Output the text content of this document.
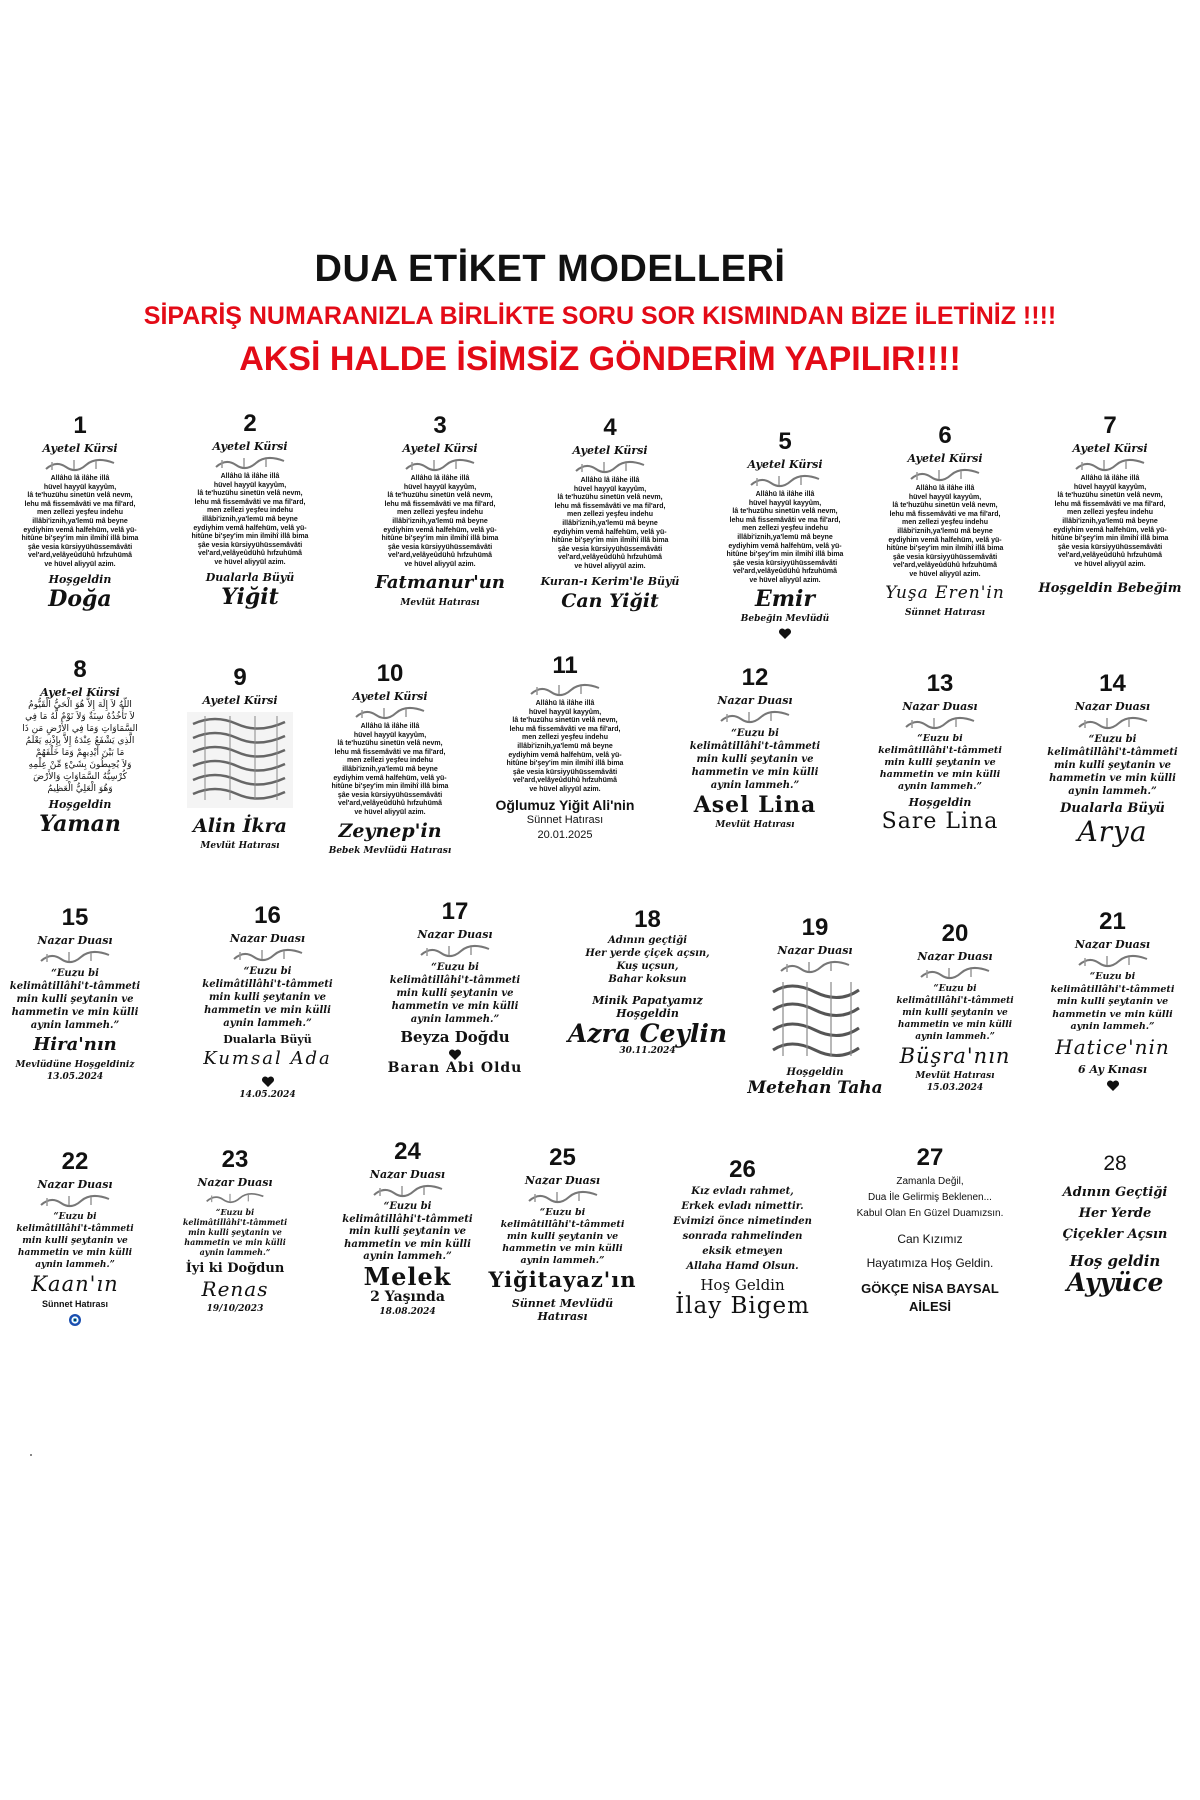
DUA ETİKET MODELLERİ
SİPARİŞ NUMARANIZLA BİRLİKTE SORU SOR KISMINDAN BİZE İLETİNİZ !!!!
AKSİ HALDE İSİMSİZ GÖNDERİM YAPILIR!!!!
1
Ayetel Kürsi
Allâhü lâ ilâhe illâ
hüvel hayyül kayyûm,
lâ te'huzühu sinetün velâ nevm,
lehu mâ fissemâvâti ve ma fil'ard,
men zellezi yeşfeu indehu
illâbi'iznih,ya'lemü mâ beyne
eydiyhim vemâ halfehüm, velâ yü-
hitûne bi'şey'im min ilmihî illâ bima
şâe vesia kürsiyyühüssemâvâti
vel'ard,velâyeûdühû hıfzuhümâ
ve hüvel aliyyül azim.
Hoşgeldin
Doğa
2
Ayetel Kürsi
Allâhü lâ ilâhe illâ
hüvel hayyül kayyûm,
lâ te'huzühu sinetün velâ nevm,
lehu mâ fissemâvâti ve ma fil'ard,
men zellezi yeşfeu indehu
illâbi'iznih,ya'lemü mâ beyne
eydiyhim vemâ halfehüm, velâ yü-
hitûne bi'şey'im min ilmihî illâ bima
şâe vesia kürsiyyühüssemâvâti
vel'ard,velâyeûdühû hıfzuhümâ
ve hüvel aliyyül azim.
Dualarla Büyü
Yiğit
3
Ayetel Kürsi
Allâhü lâ ilâhe illâ
hüvel hayyül kayyûm,
lâ te'huzühu sinetün velâ nevm,
lehu mâ fissemâvâti ve ma fil'ard,
men zellezi yeşfeu indehu
illâbi'iznih,ya'lemü mâ beyne
eydiyhim vemâ halfehüm, velâ yü-
hitûne bi'şey'im min ilmihî illâ bima
şâe vesia kürsiyyühüssemâvâti
vel'ard,velâyeûdühû hıfzuhümâ
ve hüvel aliyyül azim.
Fatmanur'un
Mevlüt Hatırası
4
Ayetel Kürsi
Allâhü lâ ilâhe illâ
hüvel hayyül kayyûm,
lâ te'huzühu sinetün velâ nevm,
lehu mâ fissemâvâti ve ma fil'ard,
men zellezi yeşfeu indehu
illâbi'iznih,ya'lemü mâ beyne
eydiyhim vemâ halfehüm, velâ yü-
hitûne bi'şey'im min ilmihî illâ bima
şâe vesia kürsiyyühüssemâvâti
vel'ard,velâyeûdühû hıfzuhümâ
ve hüvel aliyyül azim.
Kuran-ı Kerim'le Büyü
Can Yiğit
5
Ayetel Kürsi
Allâhü lâ ilâhe illâ
hüvel hayyül kayyûm,
lâ te'huzühu sinetün velâ nevm,
lehu mâ fissemâvâti ve ma fil'ard,
men zellezi yeşfeu indehu
illâbi'iznih,ya'lemü mâ beyne
eydiyhim vemâ halfehüm, velâ yü-
hitûne bi'şey'im min ilmihî illâ bima
şâe vesia kürsiyyühüssemâvâti
vel'ard,velâyeûdühû hıfzuhümâ
ve hüvel aliyyül azim.
Emir
Bebeğin Mevlüdü
6
Ayetel Kürsi
Allâhü lâ ilâhe illâ
hüvel hayyül kayyûm,
lâ te'huzühu sinetün velâ nevm,
lehu mâ fissemâvâti ve ma fil'ard,
men zellezi yeşfeu indehu
illâbi'iznih,ya'lemü mâ beyne
eydiyhim vemâ halfehüm, velâ yü-
hitûne bi'şey'im min ilmihî illâ bima
şâe vesia kürsiyyühüssemâvâti
vel'ard,velâyeûdühû hıfzuhümâ
ve hüvel aliyyül azim.
Yuşa Eren'in
Sünnet Hatırası
7
Ayetel Kürsi
Allâhü lâ ilâhe illâ
hüvel hayyül kayyûm,
lâ te'huzühu sinetün velâ nevm,
lehu mâ fissemâvâti ve ma fil'ard,
men zellezi yeşfeu indehu
illâbi'iznih,ya'lemü mâ beyne
eydiyhim vemâ halfehüm, velâ yü-
hitûne bi'şey'im min ilmihî illâ bima
şâe vesia kürsiyyühüssemâvâti
vel'ard,velâyeûdühû hıfzuhümâ
ve hüvel aliyyül azim.
Hoşgeldin Bebeğim
8
Ayet-el Kürsi
اللّهُ لاَ إِلَهَ إِلاَّ هُوَ الْحَيُّ الْقَيُّومُ
لاَ تَأْخُذُهُ سِنَةٌ وَلاَ نَوْمٌ لَّهُ مَا فِي
السَّمَاوَاتِ وَمَا فِي الأَرْضِ مَن ذَا
الَّذِي يَشْفَعُ عِنْدَهُ إِلاَّ بِإِذْنِهِ يَعْلَمُ
مَا بَيْنَ أَيْدِيهِمْ وَمَا خَلْفَهُمْ
وَلاَ يُحِيطُونَ بِشَيْءٍ مِّنْ عِلْمِهِ
كُرْسِيُّهُ السَّمَاوَاتِ وَالأَرْضَ
وَهُوَ الْعَلِيُّ الْعَظِيمُ
Hoşgeldin
Yaman
9
Ayetel Kürsi
Alin İkra
Mevlüt Hatırası
10
Ayetel Kürsi
Allâhü lâ ilâhe illâ
hüvel hayyül kayyûm,
lâ te'huzühu sinetün velâ nevm,
lehu mâ fissemâvâti ve ma fil'ard,
men zellezi yeşfeu indehu
illâbi'iznih,ya'lemü mâ beyne
eydiyhim vemâ halfehüm, velâ yü-
hitûne bi'şey'im min ilmihî illâ bima
şâe vesia kürsiyyühüssemâvâti
vel'ard,velâyeûdühû hıfzuhümâ
ve hüvel aliyyül azim.
Zeynep'in
Bebek Mevlüdü Hatırası
11
Allâhü lâ ilâhe illâ
hüvel hayyül kayyûm,
lâ te'huzühu sinetün velâ nevm,
lehu mâ fissemâvâti ve ma fil'ard,
men zellezi yeşfeu indehu
illâbi'iznih,ya'lemü mâ beyne
eydiyhim vemâ halfehüm, velâ yü-
hitûne bi'şey'im min ilmihî illâ bima
şâe vesia kürsiyyühüssemâvâti
vel'ard,velâyeûdühû hıfzuhümâ
ve hüvel aliyyül azim.
Oğlumuz Yiğit Ali'nin
Sünnet Hatırası
20.01.2025
12
Nazar Duası
“Euzu bi
kelimâtillâhi't-tâmmeti
min kulli şeytanin ve
hammetin ve min külli
aynin lammeh.”
Asel Lina
Mevlüt Hatırası
13
Nazar Duası
“Euzu bi
kelimâtillâhi't-tâmmeti
min kulli şeytanin ve
hammetin ve min külli
aynin lammeh.”
Hoşgeldin
Sare Lina
14
Nazar Duası
“Euzu bi
kelimâtillâhi't-tâmmeti
min kulli şeytanin ve
hammetin ve min külli
aynin lammeh.”
Dualarla Büyü
Arya
15
Nazar Duası
“Euzu bi
kelimâtillâhi't-tâmmeti
min kulli şeytanin ve
hammetin ve min külli
aynin lammeh.”
Hira'nın
Mevlüdüne Hoşgeldiniz
13.05.2024
16
Nazar Duası
“Euzu bi
kelimâtillâhi't-tâmmeti
min kulli şeytanin ve
hammetin ve min külli
aynin lammeh.”
Dualarla Büyü
Kumsal Ada
14.05.2024
17
Nazar Duası
“Euzu bi
kelimâtillâhi't-tâmmeti
min kulli şeytanin ve
hammetin ve min külli
aynin lammeh.”
Beyza Doğdu
Baran Abi Oldu
18
Adının geçtiği
Her yerde çiçek açsın,
Kuş uçsun,
Bahar koksun
Minik Papatyamız
Hoşgeldin
Azra Ceylin
30.11.2024
19
Nazar Duası
Hoşgeldin
Metehan Taha
20
Nazar Duası
“Euzu bi
kelimâtillâhi't-tâmmeti
min kulli şeytanin ve
hammetin ve min külli
aynin lammeh.”
Büşra'nın
Mevlüt Hatırası
15.03.2024
21
Nazar Duası
“Euzu bi
kelimâtillâhi't-tâmmeti
min kulli şeytanin ve
hammetin ve min külli
aynin lammeh.”
Hatice'nin
6 Ay Kınası
22
Nazar Duası
“Euzu bi
kelimâtillâhi't-tâmmeti
min kulli şeytanin ve
hammetin ve min külli
aynin lammeh.”
Kaan'ın
Sünnet Hatırası
23
Nazar Duası
“Euzu bi
kelimâtillâhi't-tâmmeti
min kulli şeytanin ve
hammetin ve min külli
aynin lammeh.”
İyi ki Doğdun
Renas
19/10/2023
24
Nazar Duası
“Euzu bi
kelimâtillâhi't-tâmmeti
min kulli şeytanin ve
hammetin ve min külli
aynin lammeh.”
Melek
2 Yaşında
18.08.2024
25
Nazar Duası
“Euzu bi
kelimâtillâhi't-tâmmeti
min kulli şeytanin ve
hammetin ve min külli
aynin lammeh.”
Yiğitayaz'ın
Sünnet Mevlüdü
Hatırası
26
Kız evladı rahmet,
Erkek evladı nimettir.
Evimizi önce nimetinden
sonrada rahmelinden
eksik etmeyen
Allaha Hamd Olsun.
Hoş Geldin
İlay Bigem
27
Zamanla Değil,
Dua İle Gelirmiş Beklenen...
Kabul Olan En Güzel Duamızsın.
Can Kızımız
Hayatımıza Hoş Geldin.
GÖKÇE NİSA BAYSAL
AİLESİ
28
Adının Geçtiği
Her Yerde
Çiçekler Açsın
Hoş geldin
Ayyüce
